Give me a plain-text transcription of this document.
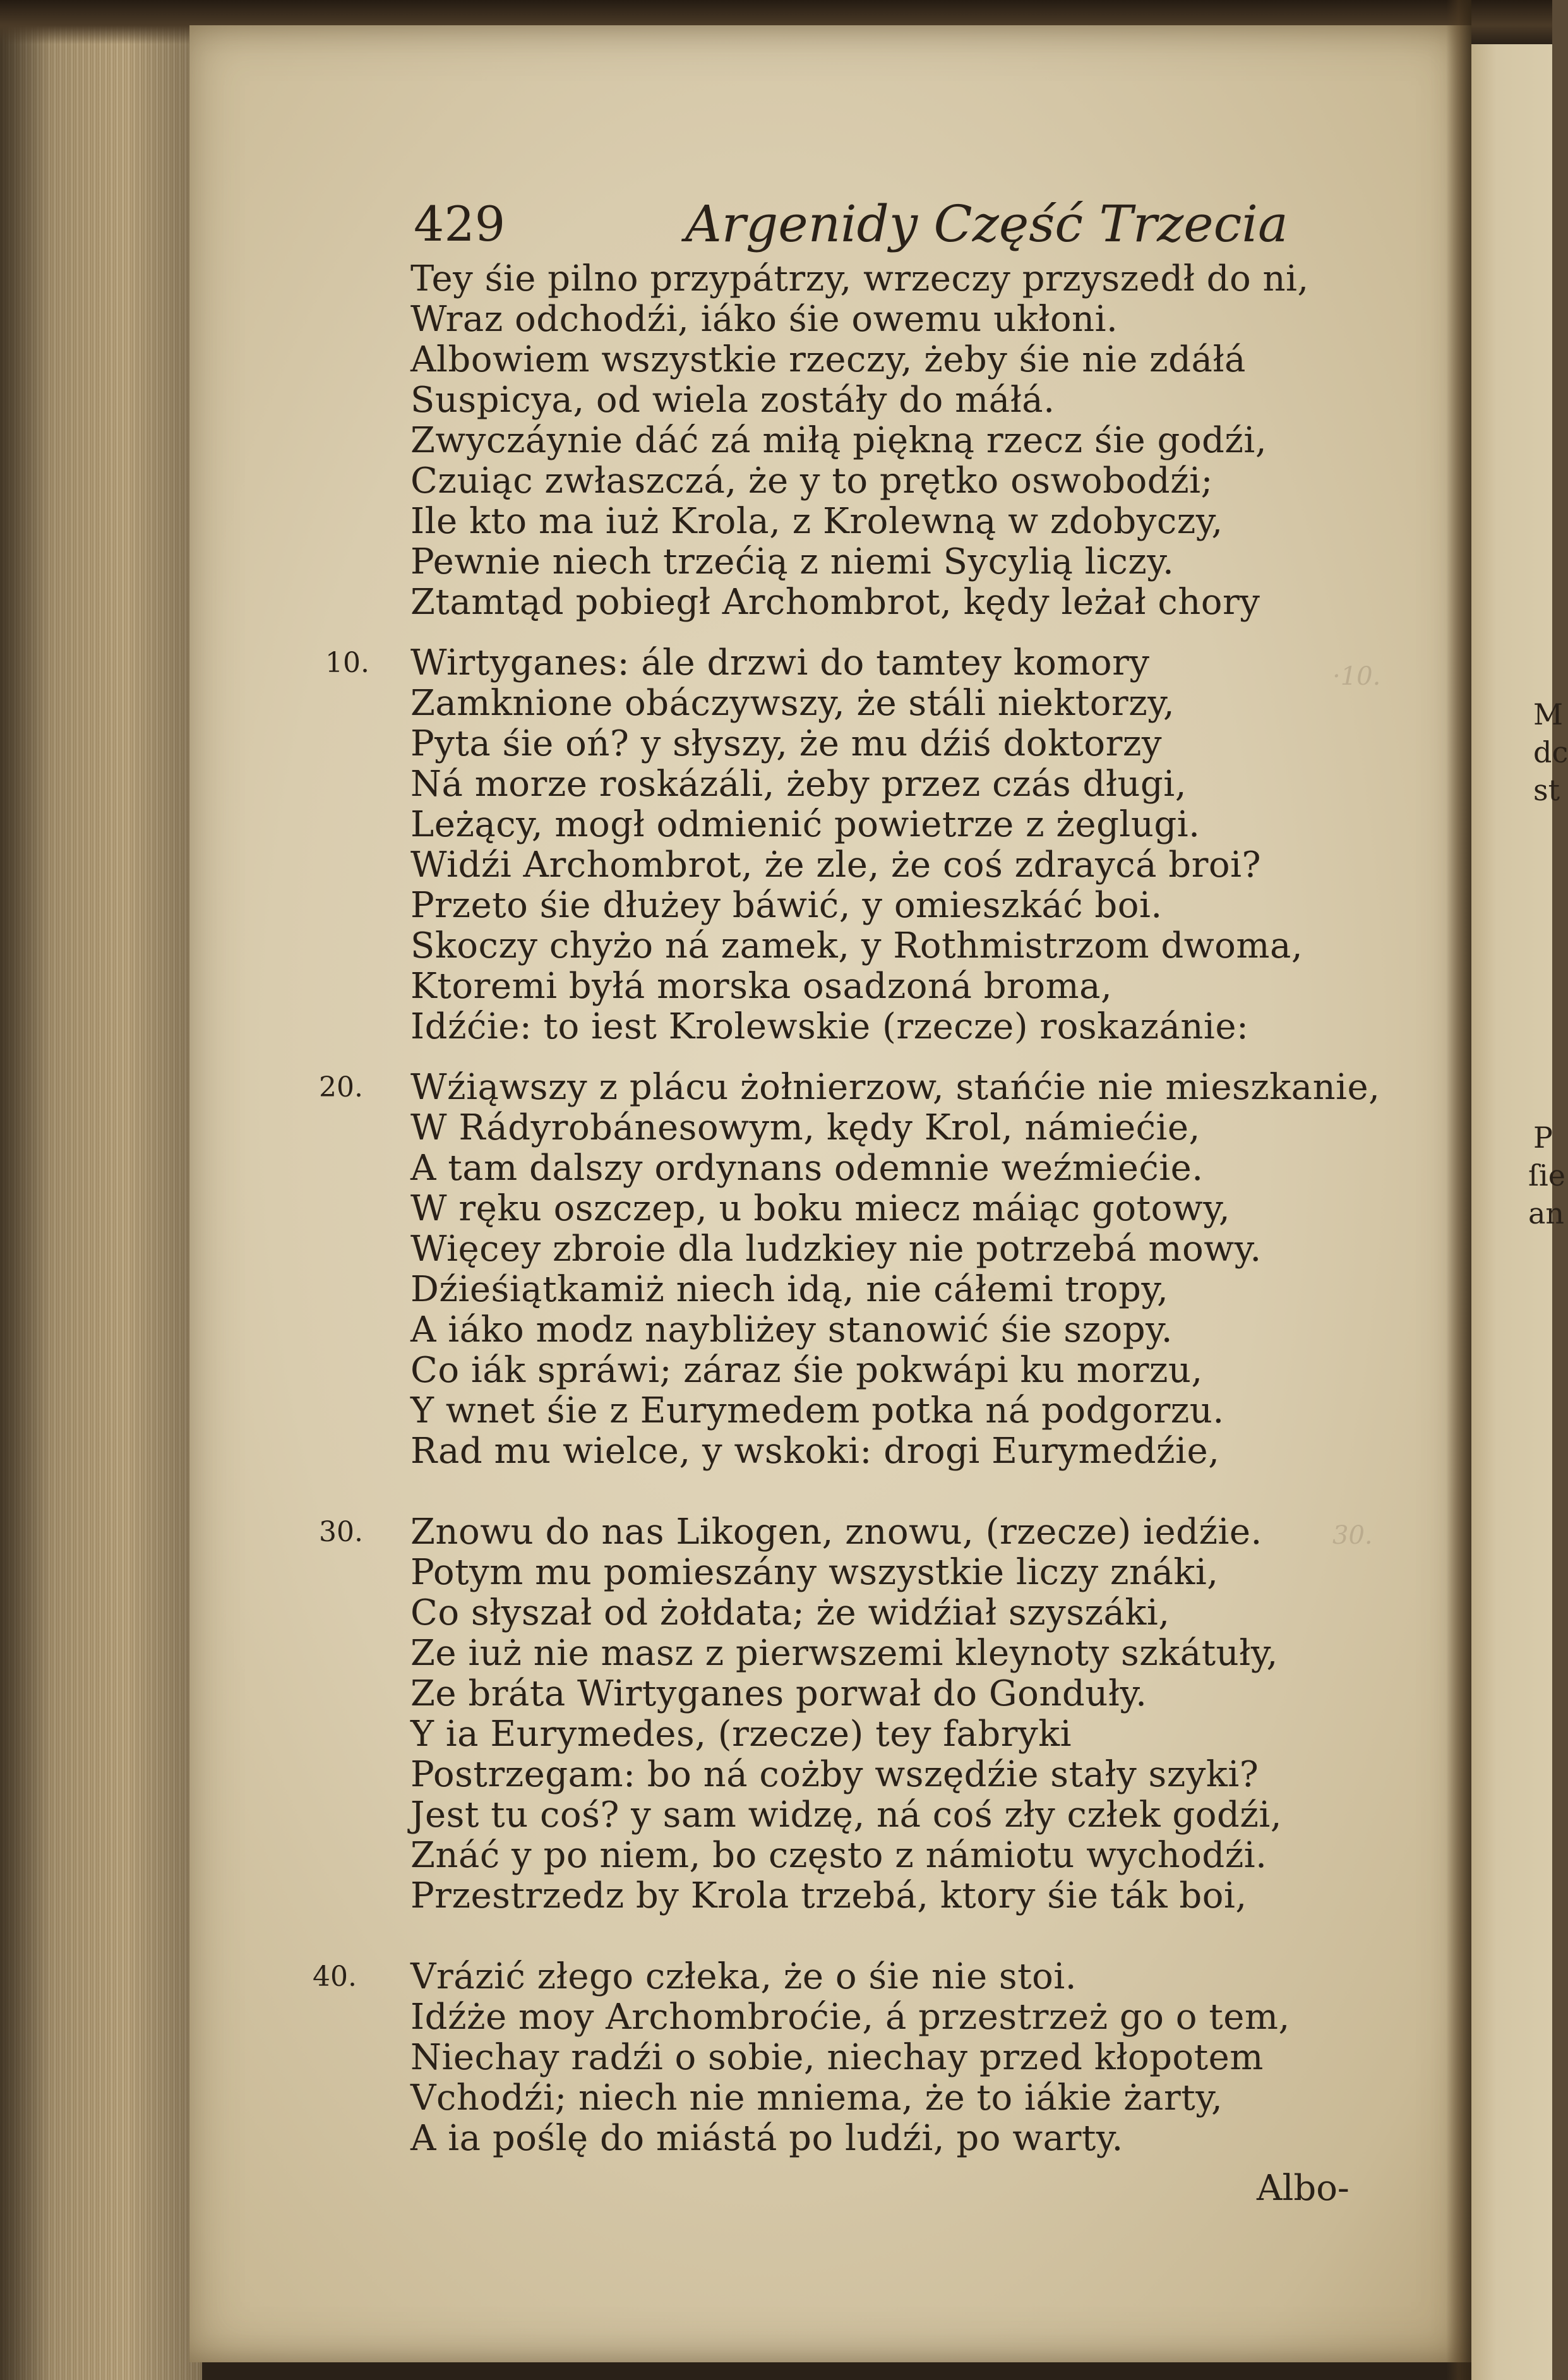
429	Argenidy Część Trzecia
·10.
30.
Tey śie pilno przypátrzy, wrzeczy przyszedł do ni,
Wraz odchodźi, iáko śie owemu ukłoni.
Albowiem wszystkie rzeczy, żeby śie nie zdáłá
Suspicya, od wiela zostáły do máłá.
Zwyczáynie dáć zá miłą piękną rzecz śie godźi,
Czuiąc zwłaszczá, że y to prętko oswobodźi;
Ile kto ma iuż Krola, z Krolewną w zdobyczy,
Pewnie niech trzećią z niemi Sycylią liczy.
Ztamtąd pobiegł Archombrot, kędy leżał chory
Wirtyganes: ále drzwi do tamtey komory
Zamknione obáczywszy, że stáli niektorzy,
Pyta śie oń? y słyszy, że mu dźiś doktorzy
Ná morze roskázáli, żeby przez czás długi,
Leżący, mogł odmienić powietrze z żeglugi.
Widźi Archombrot, że zle, że coś zdraycá broi?
Przeto śie dłużey báwić, y omieszkáć boi.
Skoczy chyżo ná zamek, y Rothmistrzom dwoma,
Ktoremi byłá morska osadzoná broma,
Idźćie: to iest Krolewskie (rzecze) roskazánie:
Wźiąwszy z plácu żołnierzow, stańćie nie mieszkanie,
W Rádyrobánesowym, kędy Krol, námiećie,
A tam dalszy ordynans odemnie weźmiećie.
W ręku oszczep, u boku miecz máiąc gotowy,
Więcey zbroie dla ludzkiey nie potrzebá mowy.
Dźieśiątkamiż niech idą, nie cáłemi tropy,
A iáko modz naybliżey stanowić śie szopy.
Co iák spráwi; záraz śie pokwápi ku morzu,
Y wnet śie z Eurymedem potka ná podgorzu.
Rad mu wielce, y wskoki: drogi Eurymedźie,
Znowu do nas Likogen, znowu, (rzecze) iedźie.
Potym mu pomieszány wszystkie liczy znáki,
Co słyszał od żołdata; że widźiał szyszáki,
Ze iuż nie masz z pierwszemi kleynoty szkátuły,
Ze bráta Wirtyganes porwał do Gonduły.
Y ia Eurymedes, (rzecze) tey fabryki
Postrzegam: bo ná cożby wszędźie stały szyki?
Jest tu coś? y sam widzę, ná coś zły człek godźi,
Znáć y po niem, bo często z námiotu wychodźi.
Przestrzedz by Krola trzebá, ktory śie ták boi,
Vrázić złego człeka, że o śie nie stoi.
Idźże moy Archombroćie, á przestrzeż go o tem,
Niechay radźi o sobie, niechay przed kłopotem
Vchodźi; niech nie mniema, że to iákie żarty,
A ia poślę do miástá po ludźi, po warty.
10.
20.
30.
40.
Albo-
M
dc
st
P
ſie
an
